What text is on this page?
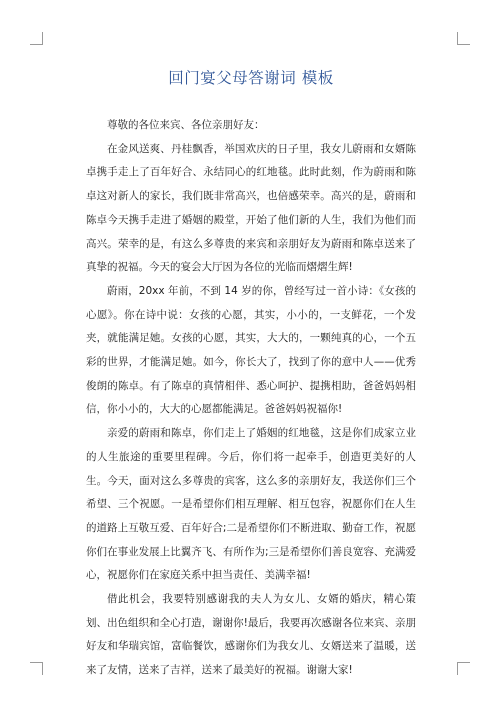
回门宴父母答谢词 模板

尊敬的各位来宾、各位亲朋好友：

在金风送爽、丹桂飘香，举国欢庆的日子里，我女儿蔚雨和女婿陈卓携手走上了百年好合、永结同心的红地毯。此时此刻，作为蔚雨和陈卓这对新人的家长，我们既非常高兴，也倍感荣幸。高兴的是，蔚雨和陈卓今天携手走进了婚姻的殿堂，开始了他们新的人生，我们为他们而高兴。荣幸的是，有这么多尊贵的来宾和亲朋好友为蔚雨和陈卓送来了真挚的祝福。今天的宴会大厅因为各位的光临而熠熠生辉!

蔚雨，20xx 年前，不到 14 岁的你，曾经写过一首小诗：《女孩的心愿》。你在诗中说：女孩的心愿，其实，小小的，一支鲜花，一个发夹，就能满足她。女孩的心愿，其实，大大的，一颗纯真的心，一个五彩的世界，才能满足她。如今，你长大了，找到了你的意中人——优秀俊朗的陈卓。有了陈卓的真情相伴、悉心呵护、提携相助，爸爸妈妈相信，你小小的，大大的心愿都能满足。爸爸妈妈祝福你!

亲爱的蔚雨和陈卓，你们走上了婚姻的红地毯，这是你们成家立业的人生旅途的重要里程碑。今后，你们将一起牵手，创造更美好的人生。今天，面对这么多尊贵的宾客，这么多的亲朋好友，我送你们三个希望、三个祝愿。一是希望你们相互理解、相互包容，祝愿你们在人生的道路上互敬互爱、百年好合;二是希望你们不断进取、勤奋工作，祝愿你们在事业发展上比翼齐飞、有所作为;三是希望你们善良宽容、充满爱心，祝愿你们在家庭关系中担当责任、美满幸福!

借此机会，我要特别感谢我的夫人为女儿、女婿的婚庆，精心策划、出色组织和全心打造，谢谢你!最后，我要再次感谢各位来宾、亲朋好友和华瑞宾馆，富临餐饮，感谢你们为我女儿、女婿送来了温暖，送来了友情，送来了吉祥，送来了最美好的祝福。谢谢大家!
